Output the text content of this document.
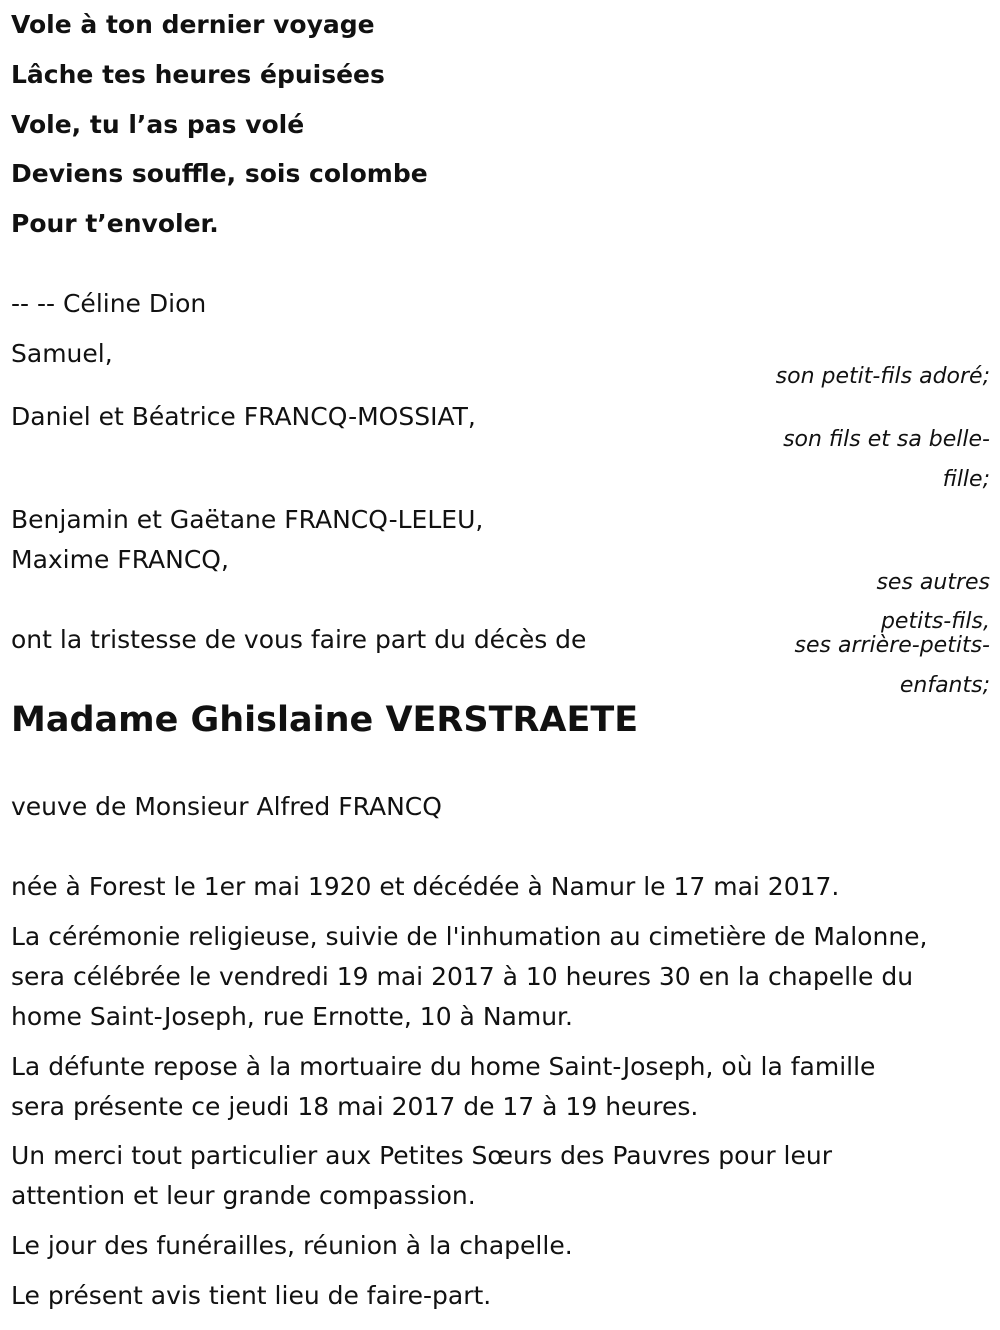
Vole à ton dernier voyage

Lâche tes heures épuisées

Vole, tu l’as pas volé

Deviens souffle, sois colombe

Pour t’envoler.

-- -- Céline Dion

Samuel,

son petit-fils adoré;

Daniel et Béatrice FRANCQ-MOSSIAT,

son fils et sa belle-

fille;

Benjamin et Gaëtane FRANCQ-LELEU,

Maxime FRANCQ,

ses autres

petits-fils,

ont la tristesse de vous faire part du décès de	ses arrière-petits-

enfants;

Madame Ghislaine VERSTRAETE

veuve de Monsieur Alfred FRANCQ

née à Forest le 1er mai 1920 et décédée à Namur le 17 mai 2017.

La cérémonie religieuse, suivie de l'inhumation au cimetière de Malonne,
sera célébrée le vendredi 19 mai 2017 à 10 heures 30 en la chapelle du
home Saint-Joseph, rue Ernotte, 10 à Namur.
La défunte repose à la mortuaire du home Saint-Joseph, où la famille
sera présente ce jeudi 18 mai 2017 de 17 à 19 heures.
Un merci tout particulier aux Petites Sœurs des Pauvres pour leur
attention et leur grande compassion.
Le jour des funérailles, réunion à la chapelle.
Le présent avis tient lieu de faire-part.
